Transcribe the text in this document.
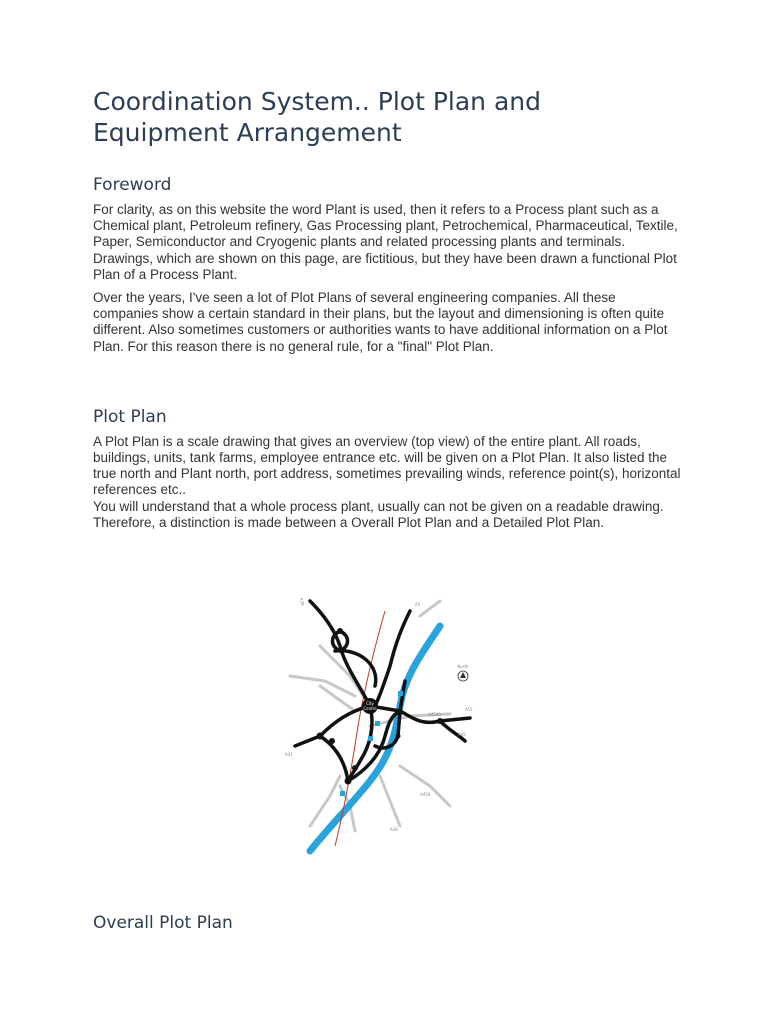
Coordination System.. Plot Plan and Equipment Arrangement
Foreword

For clarity, as on this website the word Plant is used, then it refers to a Process plant such as a Chemical plant, Petroleum refinery, Gas Processing plant, Petrochemical, Pharmaceutical, Textile, Paper, Semiconductor and Cryogenic plants and related processing plants and terminals.
Drawings, which are shown on this page, are fictitious, but they have been drawn a functional Plot Plan of a Process Plant.

Over the years, I've seen a lot of Plot Plans of several engineering companies. All these companies show a certain standard in their plans, but the layout and dimensioning is often quite different. Also sometimes customers or authorities wants to have additional information on a Plot Plan. For this reason there is no general rule, for a "final" Plot Plan.

Plot Plan

A Plot Plan is a scale drawing that gives an overview (top view) of the entire plant. All roads, buildings, units, tank farms, employee entrance etc. will be given on a Plot Plan. It also listed the true north and Plant north, port address, sometimes prevailing winds, reference point(s), horizontal references etc..
You will understand that a whole process plant, usually can not be given on a readable drawing. Therefore, a distinction is made between a Overall Plot Plan and a Detailed Plot Plan.

City
Centre
North
A38	A5
A51
A45
A41
A4540
A456
A38
Overall Plot Plan
